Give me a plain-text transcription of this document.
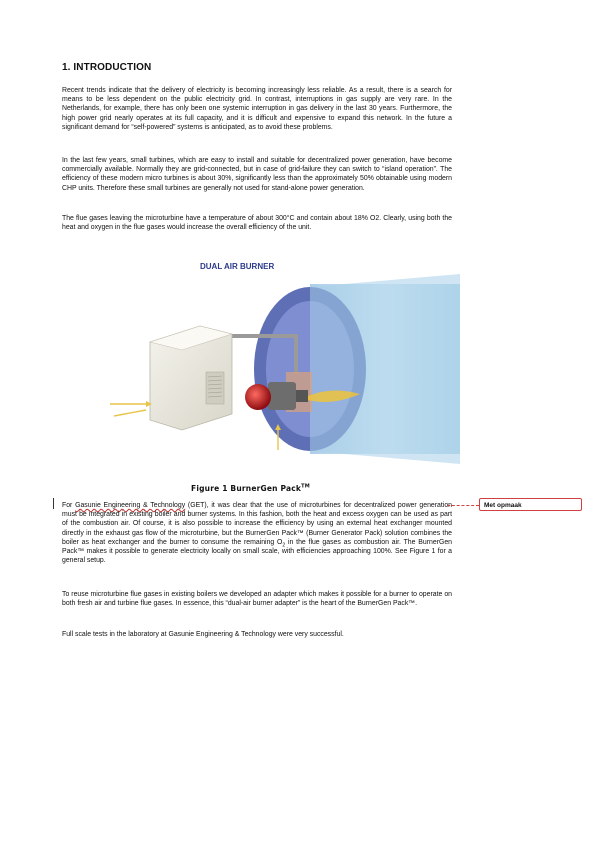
1. INTRODUCTION
Recent trends indicate that the delivery of electricity is becoming increasingly less reliable. As a result, there is a search for means to be less dependent on the public electricity grid. In contrast, interruptions in gas supply are very rare. In the Netherlands, for example, there has only been one systemic interruption in gas delivery in the last 30 years. Furthermore, the high power grid nearly operates at its full capacity, and it is difficult and expensive to expand this network. In the future a significant demand for “self-powered” systems is anticipated, as to avoid these problems.
In the last few years, small turbines, which are easy to install and suitable for decentralized power generation, have become commercially available. Normally they are grid-connected, but in case of grid-failure they can switch to “island operation”. The efficiency of these modern micro turbines is about 30%, significantly less than the approximately 50% obtainable using modern CHP units. Therefore these small turbines are generally not used for stand-alone power generation.
The flue gases leaving the microturbine have a temperature of about 300°C and contain about 18% O2. Clearly, using both the heat and oxygen in the flue gases would increase the overall efficiency of the unit.
DUAL AIR BURNER
Figure 1 BurnerGen Pack™
For Gasunie Engineering & Technology (GET), it was clear that the use of microturbines for decentralized power generation must be integrated in existing boiler and burner systems. In this fashion, both the heat and excess oxygen can be used as part of the combustion air. Of course, it is also possible to increase the efficiency by using an external heat exchanger mounted directly in the exhaust gas flow of the microturbine, but the BurnerGen Pack™ (Burner Generator Pack) solution combines the boiler as heat exchanger and the burner to consume the remaining $O_2$ in the flue gases as combustion air. The BurnerGen Pack™ makes it possible to generate electricity locally on small scale, with efficiencies approaching 100%. See Figure 1 for a general setup.
Met opmaak
To reuse microturbine flue gases in existing boilers we developed an adapter which makes it possible for a burner to operate on both fresh air and turbine flue gases. In essence, this “dual-air burner adapter” is the heart of the BurnerGen Pack™.
Full scale tests in the laboratory at Gasunie Engineering & Technology were very successful.
